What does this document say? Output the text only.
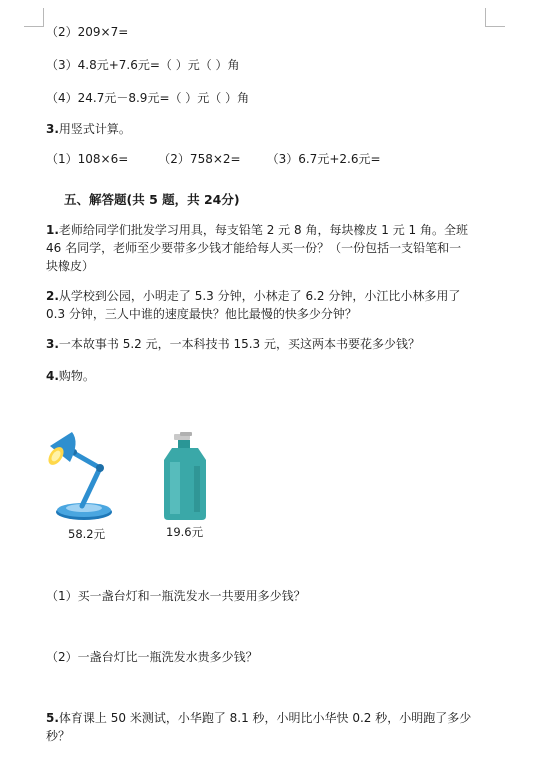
（2）209×7=
（3）4.8元+7.6元=（ ）元（ ）角
（4）24.7元－8.9元=（ ）元（ ）角
3.用竖式计算。
（1）108×6=	（2）758×2= （3）6.7元+2.6元=
五、解答题(共 5 题，共 24分)
1.老师给同学们批发学习用具，每支铅笔 2 元 8 角，每块橡皮 1 元 1 角。全班
46 名同学，老师至少要带多少钱才能给每人买一份？（一份包括一支铅笔和一
块橡皮）
2.从学校到公园，小明走了 5.3 分钟，小林走了 6.2 分钟，小江比小林多用了
0.3 分钟，三人中谁的速度最快？他比最慢的快多少分钟？
3.一本故事书 5.2 元，一本科技书 15.3 元，买这两本书要花多少钱？
4.购物。
58.2元	19.6元
（1）买一盏台灯和一瓶洗发水一共要用多少钱？
（2）一盏台灯比一瓶洗发水贵多少钱？
5.体育课上 50 米测试，小华跑了 8.1 秒，小明比小华快 0.2 秒，小明跑了多少
秒？
